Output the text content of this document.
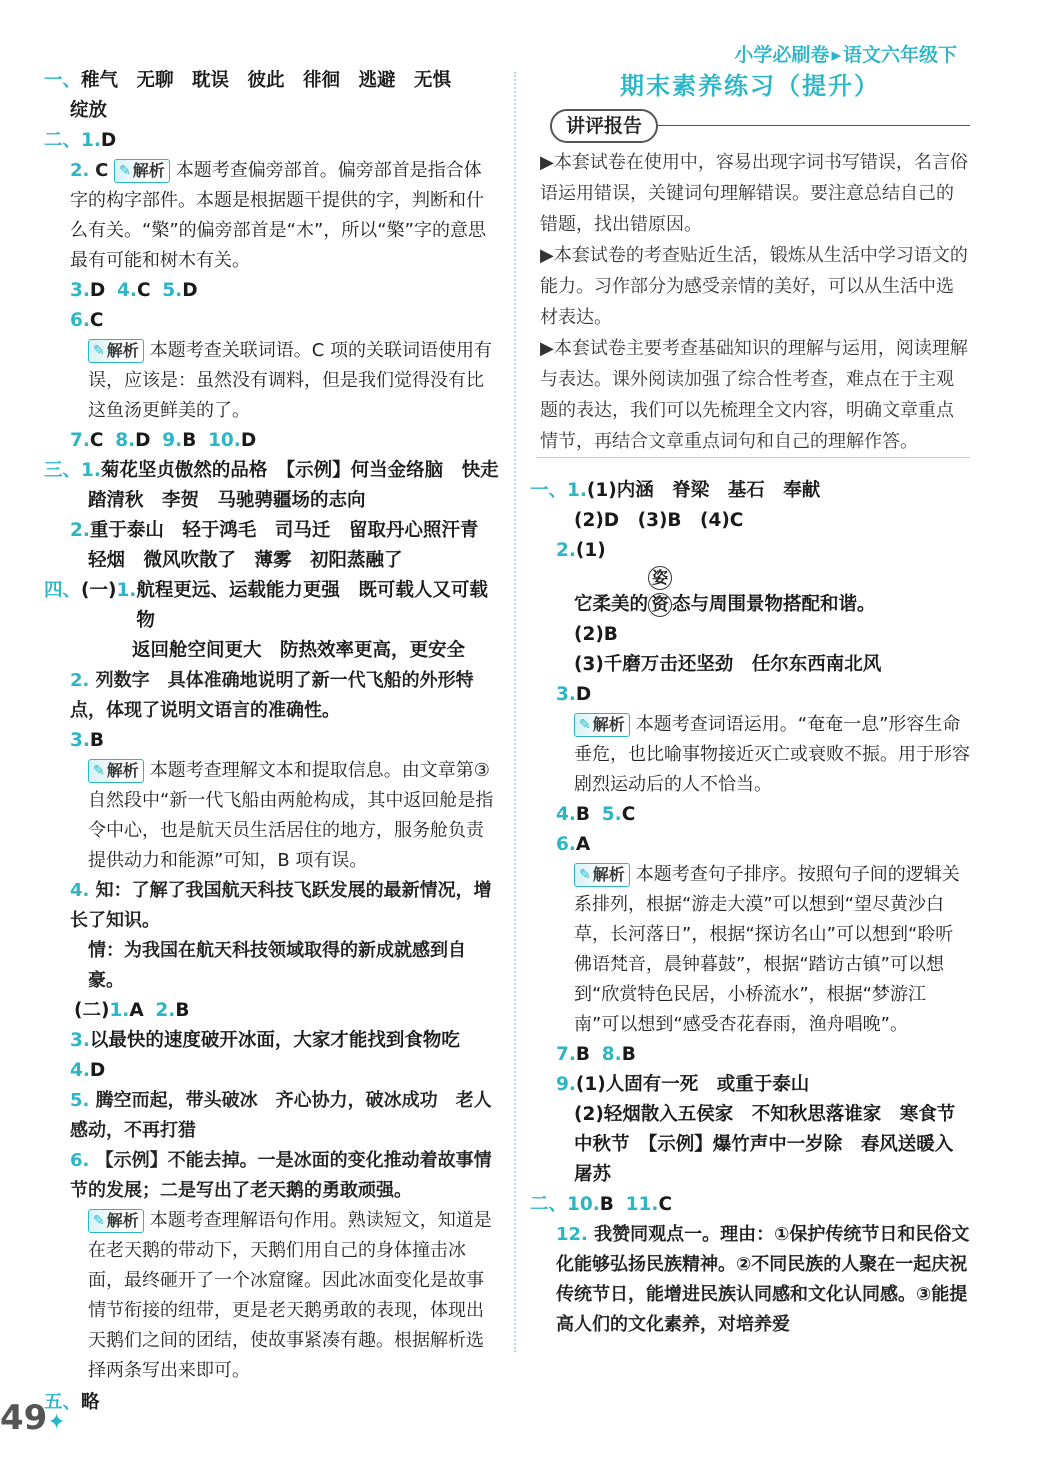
小学必刷卷 ▸ 语文六年级下
一、 稚气　无聊　耽误　彼此　徘徊　逃避　无惧
绽放
二、 1. D
2. C ✎ 解析 本题考查偏旁部首。偏旁部首是指合体字的构字部件。本题是根据题干提供的字，判断和什么有关。“檠”的偏旁部首是“木”，所以“檠”字的意思最有可能和树木有关。
3. D
4. C
5. D
6. C
✎ 解析 本题考查关联词语。C 项的关联词语使用有误，应该是：虽然没有调料，但是我们觉得没有比这鱼汤更鲜美的了。
7. C
8. D
9. B
10. D
三、 1. 菊花坚贞傲然的品格　【示例】何当金络脑　快走
踏清秋　李贺　马驰骋疆场的志向
2. 重于泰山　轻于鸿毛　司马迁　留取丹心照汗青
轻烟　微风吹散了　薄雾　初阳蒸融了
四、 (一) 1. 航程更远、运载能力更强　既可载人又可载物
返回舱空间更大　防热效率更高，更安全
2. 列数字　具体准确地说明了新一代飞船的外形特点，体现了说明文语言的准确性。
3. B
✎ 解析 本题考查理解文本和提取信息。由文章第③自然段中“新一代飞船由两舱构成，其中返回舱是指令中心，也是航天员生活居住的地方，服务舱负责提供动力和能源”可知，B 项有误。
4. 知：了解了我国航天科技飞跃发展的最新情况，增长了知识。
情：为我国在航天科技领域取得的新成就感到自豪。
(二) 1. A
2. B
3. 以最快的速度破开冰面，大家才能找到食物吃
4. D
5. 腾空而起，带头破冰　齐心协力，破冰成功　老人感动，不再打猎
6. 【示例】不能去掉。一是冰面的变化推动着故事情节的发展；二是写出了老天鹅的勇敢顽强。
✎ 解析 本题考查理解语句作用。熟读短文，知道是在老天鹅的带动下，天鹅们用自己的身体撞击冰面，最终砸开了一个冰窟窿。因此冰面变化是故事情节衔接的纽带，更是老天鹅勇敢的表现，体现出天鹅们之间的团结，使故事紧凑有趣。根据解析选择两条写出来即可。
五、 略
期末素养练习（提升）
讲评报告

▶本套试卷在使用中，容易出现字词书写错误，名言俗语运用错误，关键词句理解错误。要注意总结自己的错题，找出错原因。

▶本套试卷的考查贴近生活，锻炼从生活中学习语文的能力。习作部分为感受亲情的美好，可以从生活中选材表达。

▶本套试卷主要考查基础知识的理解与运用，阅读理解与表达。课外阅读加强了综合性考查，难点在于主观题的表达，我们可以先梳理全文内容，明确文章重点情节，再结合文章重点词句和自己的理解作答。

一、 1. (1)内涵　脊梁　基石　奉献
(2)D　(3)B　(4)C
2. (1)
它柔美的 资
姿
态与周围景物搭配和谐。
(2)B
(3)千磨万击还坚劲　任尔东西南北风
3. D
✎ 解析 本题考查词语运用。“奄奄一息”形容生命垂危，也比喻事物接近灭亡或衰败不振。用于形容剧烈运动后的人不恰当。
4. B
5. C
6. A
✎ 解析 本题考查句子排序。按照句子间的逻辑关系排列，根据“游走大漠”可以想到“望尽黄沙白草，长河落日”，根据“探访名山”可以想到“聆听佛语梵音，晨钟暮鼓”，根据“踏访古镇”可以想到“欣赏特色民居，小桥流水”，根据“梦游江南”可以想到“感受杏花春雨，渔舟唱晚”。
7. B
8. B
9. (1)人固有一死　或重于泰山
(2)轻烟散入五侯家　不知秋思落谁家　寒食节
中秋节　【示例】爆竹声中一岁除　春风送暖入
屠苏
二、 10. B
11. C
12. 我赞同观点一。理由：①保护传统节日和民俗文化能够弘扬民族精神。②不同民族的人聚在一起庆祝传统节日，能增进民族认同感和文化认同感。③能提高人们的文化素养，对培养爱
49✦
